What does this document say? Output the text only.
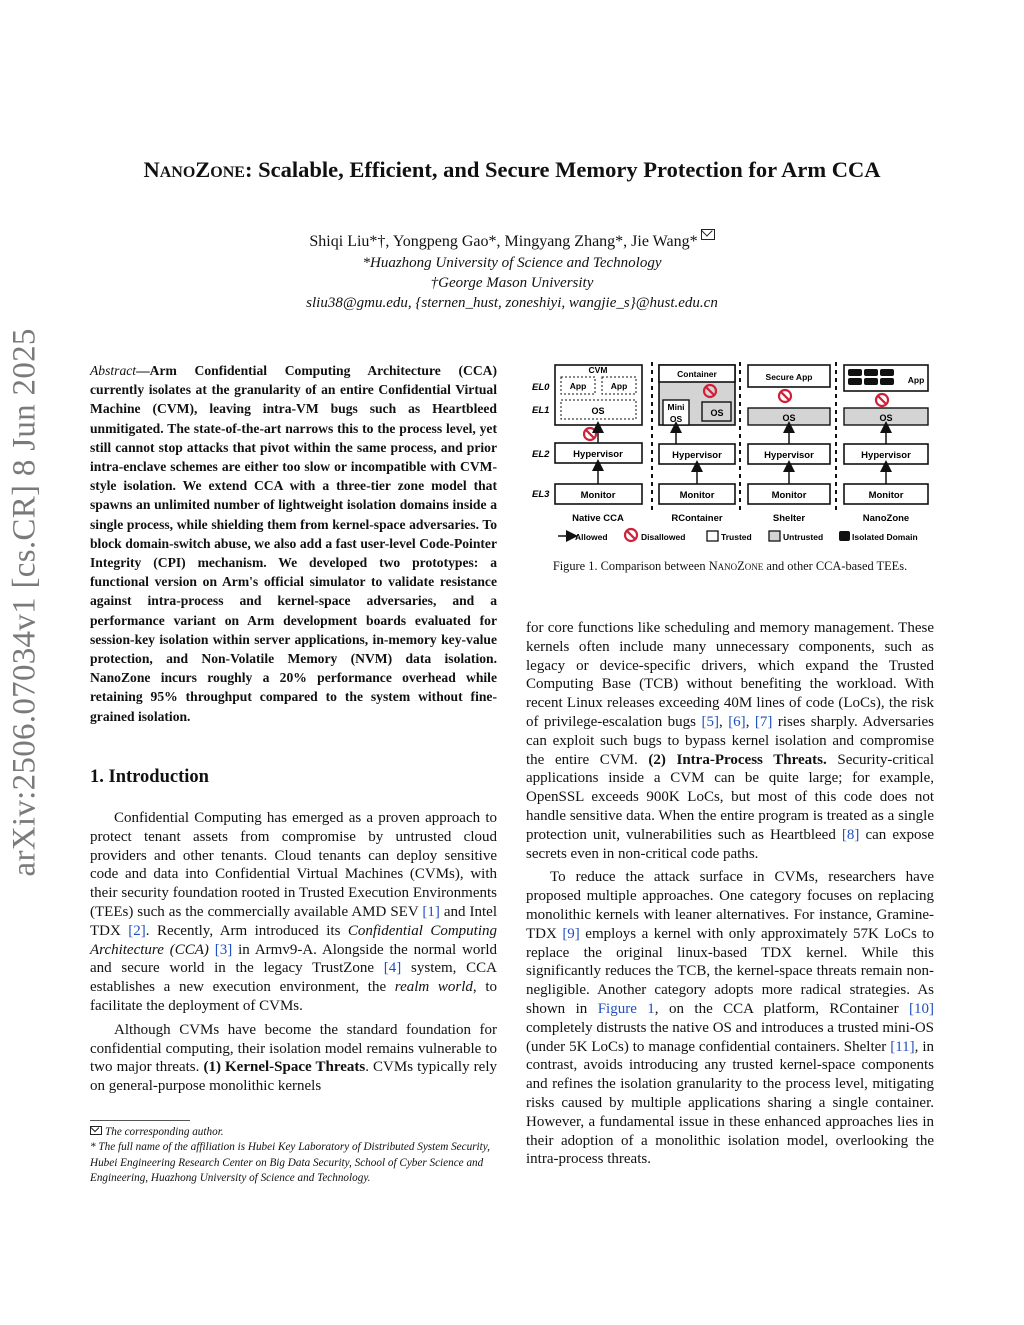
arXiv:2506.07034v1 [cs.CR] 8 Jun 2025
NanoZone: Scalable, Efficient, and Secure Memory Protection for Arm CCA
Shiqi Liu*†, Yongpeng Gao*, Mingyang Zhang*, Jie Wang*
*Huazhong University of Science and Technology
†George Mason University
sliu38@gmu.edu, {sternen_hust, zoneshiyi, wangjie_s}@hust.edu.cn
Abstract—Arm Confidential Computing Architecture (CCA) currently isolates at the granularity of an entire Confidential Virtual Machine (CVM), leaving intra-VM bugs such as Heartbleed unmitigated. The state-of-the-art narrows this to the process level, yet still cannot stop attacks that pivot within the same process, and prior intra-enclave schemes are either too slow or incompatible with CVM-style isolation. We extend CCA with a three-tier zone model that spawns an unlimited number of lightweight isolation domains inside a single process, while shielding them from kernel-space adversaries. To block domain-switch abuse, we also add a fast user-level Code-Pointer Integrity (CPI) mechanism. We developed two prototypes: a functional version on Arm's official simulator to validate resistance against intra-process and kernel-space adversaries, and a performance variant on Arm development boards evaluated for session-key isolation within server applications, in-memory key-value protection, and Non-Volatile Memory (NVM) data isolation. NanoZone incurs roughly a 20% performance overhead while retaining 95% throughput compared to the system without fine-grained isolation.
1. Introduction

Confidential Computing has emerged as a proven approach to protect tenant assets from compromise by untrusted cloud providers and other tenants. Cloud tenants can deploy sensitive code and data into Confidential Virtual Machines (CVMs), with their security foundation rooted in Trusted Execution Environments (TEEs) such as the commercially available AMD SEV [1] and Intel TDX [2]. Recently, Arm introduced its Confidential Computing Architecture (CCA) [3] in Armv9-A. Alongside the normal world and secure world in the legacy TrustZone [4] system, CCA establishes a new execution environment, the realm world, to facilitate the deployment of CVMs.

Although CVMs have become the standard foundation for confidential computing, their isolation model remains vulnerable to two major threats. (1) Kernel-Space Threats. CVMs typically rely on general-purpose monolithic kernels

The corresponding author.
* The full name of the affiliation is Hubei Key Laboratory of Distributed System Security, Hubei Engineering Research Center on Big Data Security, School of Cyber Science and Engineering, Huazhong University of Science and Technology.
EL0
EL1
EL2
EL3
CVM
App	App
OS
Hypervisor
Monitor
Native CCA
Container
Mini
OS
OS
Hypervisor
Monitor
RContainer
Secure App
OS
Hypervisor
Monitor
Shelter
App
OS
Hypervisor
Monitor
NanoZone
Allowed	Disallowed	Trusted	Untrusted	Isolated Domain
Figure 1. Comparison between NanoZone and other CCA-based TEEs.

for core functions like scheduling and memory management. These kernels often include many unnecessary components, such as legacy or device-specific drivers, which expand the Trusted Computing Base (TCB) without benefiting the workload. With recent Linux releases exceeding 40M lines of code (LoCs), the risk of privilege-escalation bugs [5], [6], [7] rises sharply. Adversaries can exploit such bugs to bypass kernel isolation and compromise the entire CVM. (2) Intra-Process Threats. Security-critical applications inside a CVM can be quite large; for example, OpenSSL exceeds 900K LoCs, but most of this code does not handle sensitive data. When the entire program is treated as a single protection unit, vulnerabilities such as Heartbleed [8] can expose secrets even in non-critical code paths.

To reduce the attack surface in CVMs, researchers have proposed multiple approaches. One category focuses on replacing monolithic kernels with leaner alternatives. For instance, Gramine-TDX [9] employs a kernel with only approximately 57K LoCs to replace the original linux-based TDX kernel. While this significantly reduces the TCB, the kernel-space threats remain non-negligible. Another category adopts more radical strategies. As shown in Figure 1, on the CCA platform, RContainer [10] completely distrusts the native OS and introduces a trusted mini-OS (under 5K LoCs) to manage confidential containers. Shelter [11], in contrast, avoids introducing any trusted kernel-space components and refines the isolation granularity to the process level, mitigating risks caused by multiple applications sharing a single container. However, a fundamental issue in these enhanced approaches lies in their adoption of a monolithic isolation model, overlooking the intra-process threats.
